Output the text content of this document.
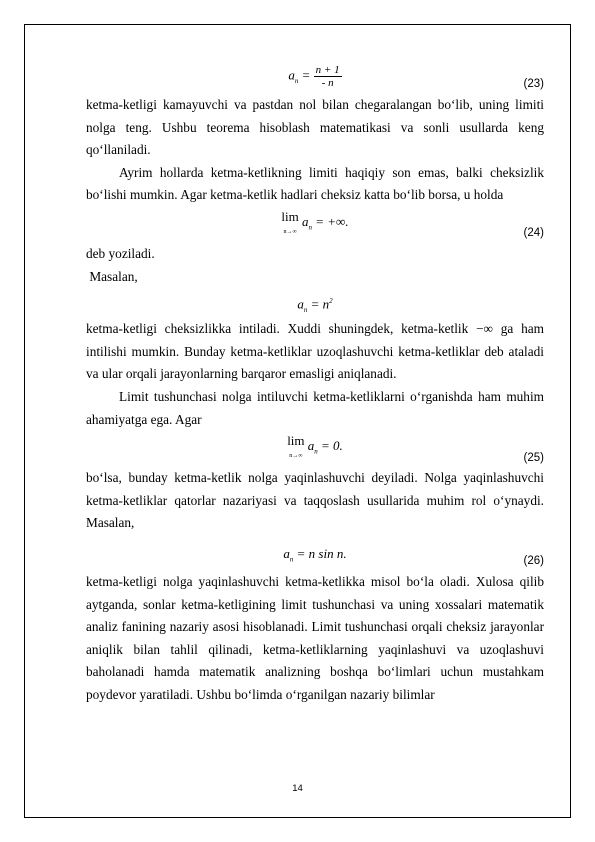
$a_n = \frac{n + 1}{- n}$	(23)

ketma-ketligi kamayuvchi va pastdan nol bilan chegaralangan bo‘lib, uning limiti nolga teng. Ushbu teorema hisoblash matematikasi va sonli usullarda keng qo‘llaniladi.

Ayrim hollarda ketma-ketlikning limiti haqiqiy son emas, balki cheksizlik bo‘lishi mumkin. Agar ketma-ketlik hadlari cheksiz katta bo‘lib borsa, u holda

lim
n→∞ $a_n$ = +∞.
(24)

deb yoziladi.

Masalan,

$a_n = n^2$

ketma-ketligi cheksizlikka intiladi. Xuddi shuningdek, ketma-ketlik −∞ ga ham intilishi mumkin. Bunday ketma-ketliklar uzoqlashuvchi ketma-ketliklar deb ataladi va ular orqali jarayonlarning barqaror emasligi aniqlanadi.

Limit tushunchasi nolga intiluvchi ketma-ketliklarni o‘rganishda ham muhim ahamiyatga ega. Agar

lim
n→∞ $a_n = 0$.
(25)

bo‘lsa, bunday ketma-ketlik nolga yaqinlashuvchi deyiladi. Nolga yaqinlashuvchi ketma-ketliklar qatorlar nazariyasi va taqqoslash usullarida muhim rol o‘ynaydi. Masalan,

$a_n = n$ sin n.
(26)

ketma-ketligi nolga yaqinlashuvchi ketma-ketlikka misol bo‘la oladi. Xulosa qilib aytganda, sonlar ketma-ketligining limit tushunchasi va uning xossalari matematik analiz fanining nazariy asosi hisoblanadi. Limit tushunchasi orqali cheksiz jarayonlar aniqlik bilan tahlil qilinadi, ketma-ketliklarning yaqinlashuvi va uzoqlashuvi baholanadi hamda matematik analizning boshqa bo‘limlari uchun mustahkam poydevor yaratiladi. Ushbu bo‘limda o‘rganilgan nazariy bilimlar

14
